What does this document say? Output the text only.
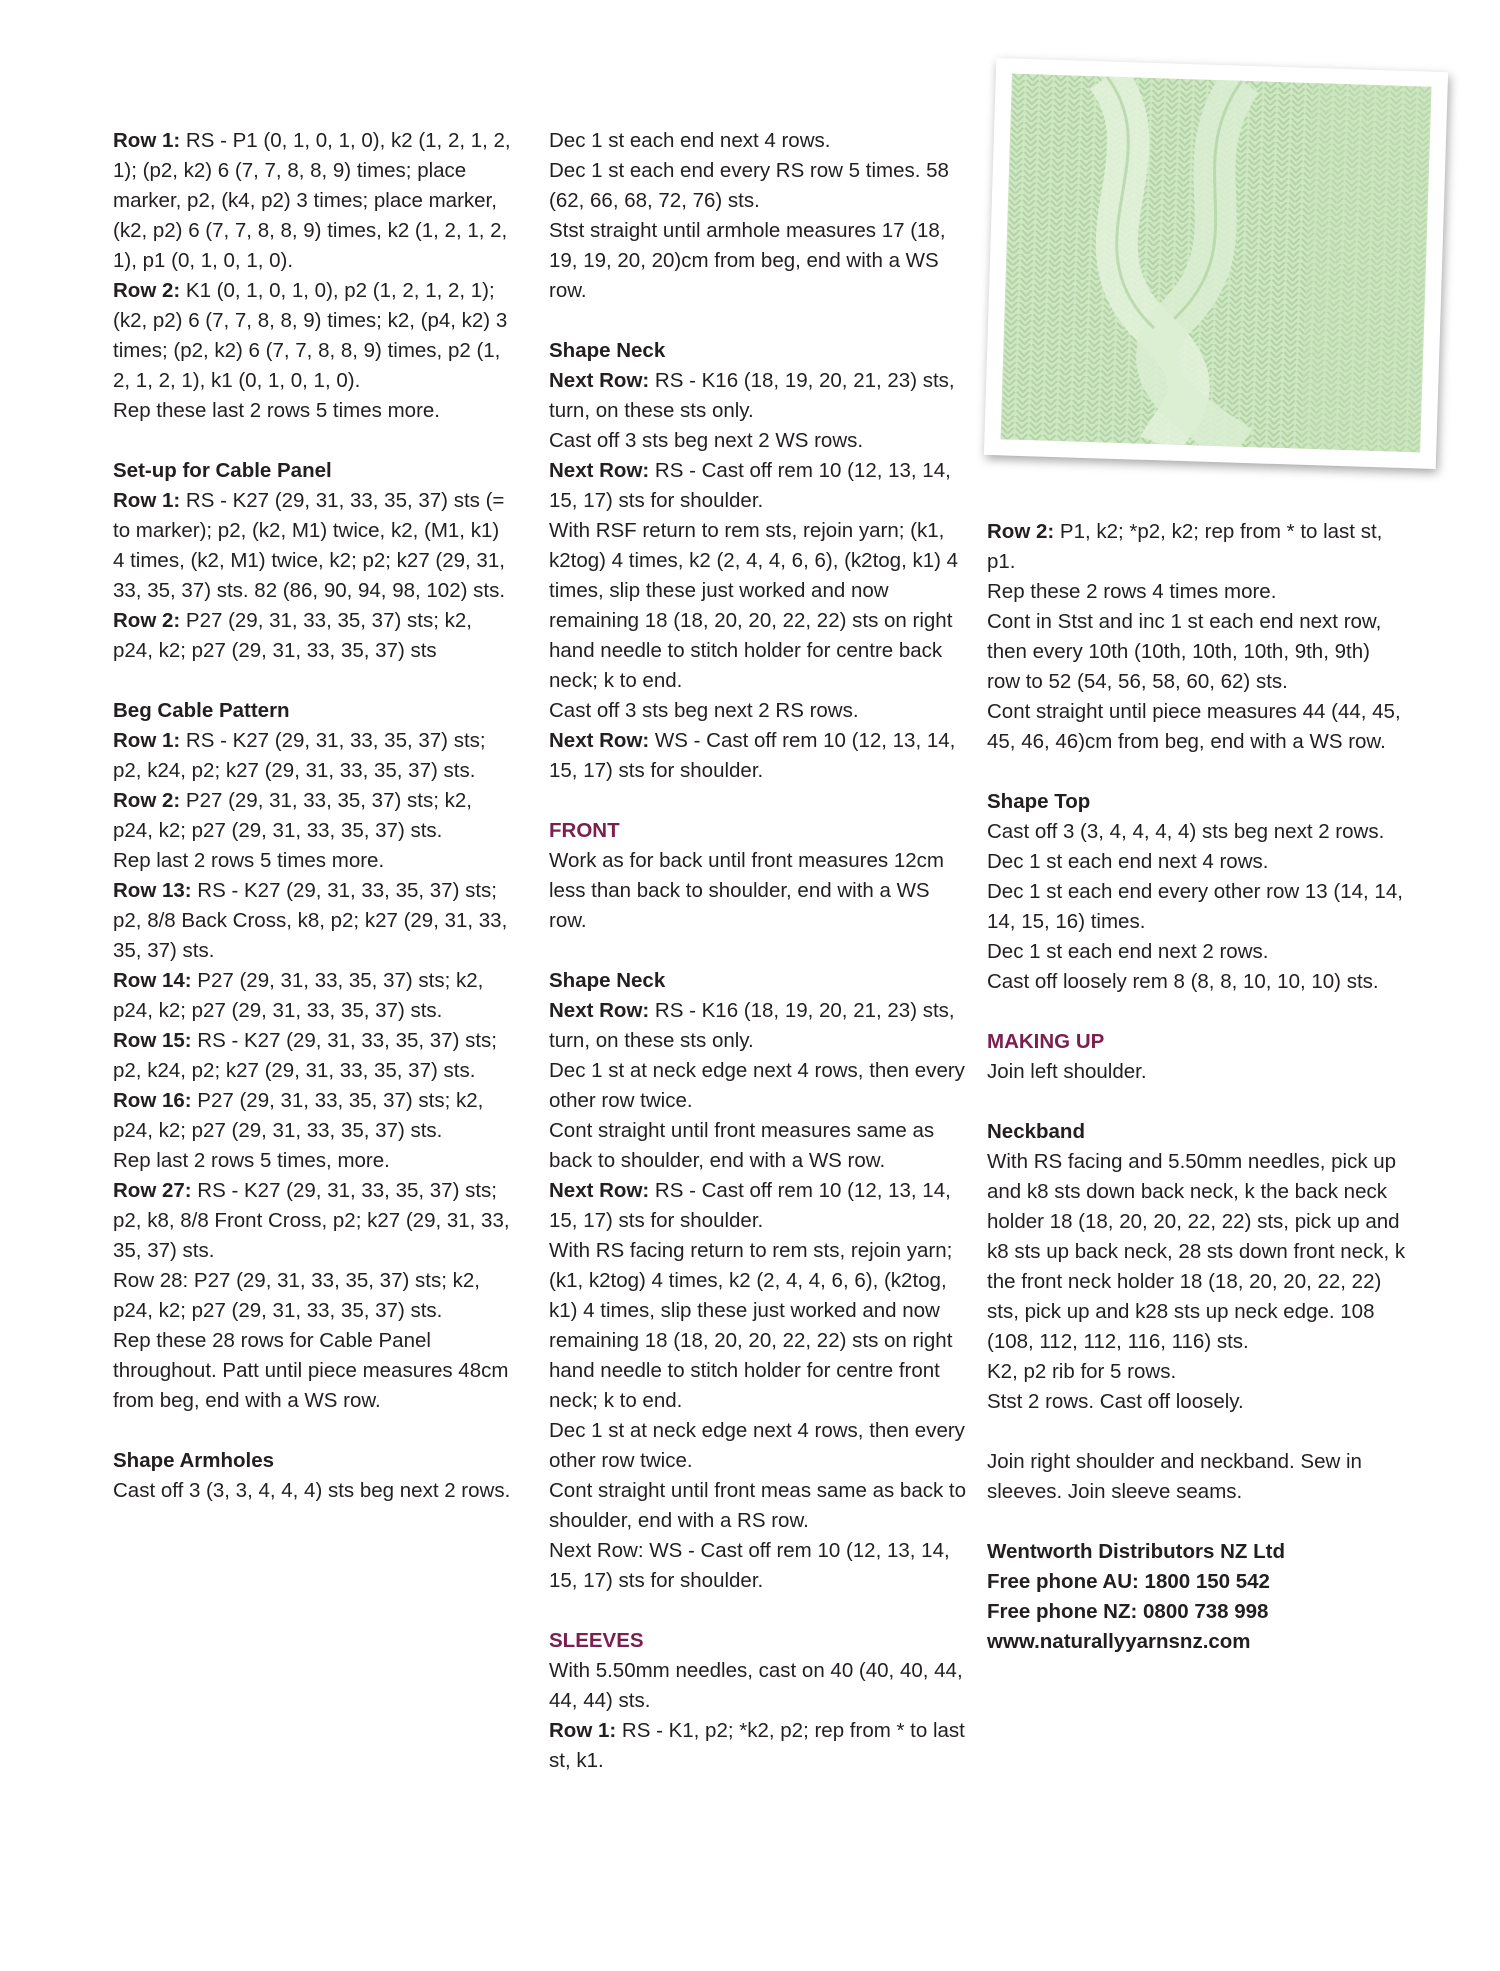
Row 1: RS - P1 (0, 1, 0, 1, 0), k2 (1, 2, 1, 2, 1); (p2, k2) 6 (7, 7, 8, 8, 9) times; place marker, p2, (k4, p2) 3 times; place marker, (k2, p2) 6 (7, 7, 8, 8, 9) times, k2 (1, 2, 1, 2, 1), p1 (0, 1, 0, 1, 0).

Row 2: K1 (0, 1, 0, 1, 0), p2 (1, 2, 1, 2, 1); (k2, p2) 6 (7, 7, 8, 8, 9) times; k2, (p4, k2) 3 times; (p2, k2) 6 (7, 7, 8, 8, 9) times, p2 (1, 2, 1, 2, 1), k1 (0, 1, 0, 1, 0).

Rep these last 2 rows 5 times more.

Set-up for Cable Panel

Row 1: RS - K27 (29, 31, 33, 35, 37) sts (= to marker); p2, (k2, M1) twice, k2, (M1, k1) 4 times, (k2, M1) twice, k2; p2; k27 (29, 31, 33, 35, 37) sts. 82 (86, 90, 94, 98, 102) sts.

Row 2: P27 (29, 31, 33, 35, 37) sts; k2, p24, k2; p27 (29, 31, 33, 35, 37) sts

Beg Cable Pattern

Row 1: RS - K27 (29, 31, 33, 35, 37) sts; p2, k24, p2; k27 (29, 31, 33, 35, 37) sts.

Row 2: P27 (29, 31, 33, 35, 37) sts; k2, p24, k2; p27 (29, 31, 33, 35, 37) sts.

Rep last 2 rows 5 times more.

Row 13: RS - K27 (29, 31, 33, 35, 37) sts; p2, 8/8 Back Cross, k8, p2; k27 (29, 31, 33, 35, 37) sts.

Row 14: P27 (29, 31, 33, 35, 37) sts; k2, p24, k2; p27 (29, 31, 33, 35, 37) sts.

Row 15: RS - K27 (29, 31, 33, 35, 37) sts; p2, k24, p2; k27 (29, 31, 33, 35, 37) sts.

Row 16: P27 (29, 31, 33, 35, 37) sts; k2, p24, k2; p27 (29, 31, 33, 35, 37) sts.

Rep last 2 rows 5 times, more.

Row 27: RS - K27 (29, 31, 33, 35, 37) sts; p2, k8, 8/8 Front Cross, p2; k27 (29, 31, 33, 35, 37) sts.

Row 28: P27 (29, 31, 33, 35, 37) sts; k2, p24, k2; p27 (29, 31, 33, 35, 37) sts.

Rep these 28 rows for Cable Panel throughout. Patt until piece measures 48cm from beg, end with a WS row.

Shape Armholes

Cast off 3 (3, 3, 4, 4, 4) sts beg next 2 rows.

Dec 1 st each end next 4 rows.

Dec 1 st each end every RS row 5 times. 58 (62, 66, 68, 72, 76) sts.

Stst straight until armhole measures 17 (18, 19, 19, 20, 20)cm from beg, end with a WS row.

Shape Neck

Next Row: RS - K16 (18, 19, 20, 21, 23) sts, turn, on these sts only.

Cast off 3 sts beg next 2 WS rows.

Next Row: RS - Cast off rem 10 (12, 13, 14, 15, 17) sts for shoulder.

With RSF return to rem sts, rejoin yarn; (k1, k2tog) 4 times, k2 (2, 4, 4, 6, 6), (k2tog, k1) 4 times, slip these just worked and now remaining 18 (18, 20, 20, 22, 22) sts on right hand needle to stitch holder for centre back neck; k to end.

Cast off 3 sts beg next 2 RS rows.

Next Row: WS - Cast off rem 10 (12, 13, 14, 15, 17) sts for shoulder.

FRONT

Work as for back until front measures 12cm less than back to shoulder, end with a WS row.

Shape Neck

Next Row: RS - K16 (18, 19, 20, 21, 23) sts, turn, on these sts only.

Dec 1 st at neck edge next 4 rows, then every other row twice.

Cont straight until front measures same as back to shoulder, end with a WS row.

Next Row: RS - Cast off rem 10 (12, 13, 14, 15, 17) sts for shoulder.

With RS facing return to rem sts, rejoin yarn; (k1, k2tog) 4 times, k2 (2, 4, 4, 6, 6), (k2tog, k1) 4 times, slip these just worked and now remaining 18 (18, 20, 20, 22, 22) sts on right hand needle to stitch holder for centre front neck; k to end.

Dec 1 st at neck edge next 4 rows, then every other row twice.

Cont straight until front meas same as back to shoulder, end with a RS row.

Next Row: WS - Cast off rem 10 (12, 13, 14, 15, 17) sts for shoulder.

SLEEVES

With 5.50mm needles, cast on 40 (40, 40, 44, 44, 44) sts.

Row 1: RS - K1, p2; *k2, p2; rep from * to last st, k1.

Row 2: P1, k2; *p2, k2; rep from * to last st, p1.

Rep these 2 rows 4 times more.

Cont in Stst and inc 1 st each end next row, then every 10th (10th, 10th, 10th, 9th, 9th) row to 52 (54, 56, 58, 60, 62) sts.

Cont straight until piece measures 44 (44, 45, 45, 46, 46)cm from beg, end with a WS row.

Shape Top

Cast off 3 (3, 4, 4, 4, 4) sts beg next 2 rows.

Dec 1 st each end next 4 rows.

Dec 1 st each end every other row 13 (14, 14, 14, 15, 16) times.

Dec 1 st each end next 2 rows.

Cast off loosely rem 8 (8, 8, 10, 10, 10) sts.

MAKING UP

Join left shoulder.

Neckband

With RS facing and 5.50mm needles, pick up and k8 sts down back neck, k the back neck holder 18 (18, 20, 20, 22, 22) sts, pick up and k8 sts up back neck, 28 sts down front neck, k the front neck holder 18 (18, 20, 20, 22, 22) sts, pick up and k28 sts up neck edge. 108 (108, 112, 112, 116, 116) sts.

K2, p2 rib for 5 rows.

Stst 2 rows. Cast off loosely.

Join right shoulder and neckband. Sew in sleeves. Join sleeve seams.

Wentworth Distributors NZ Ltd

Free phone AU: 1800 150 542

Free phone NZ: 0800 738 998

www.naturallyyarnsnz.com
